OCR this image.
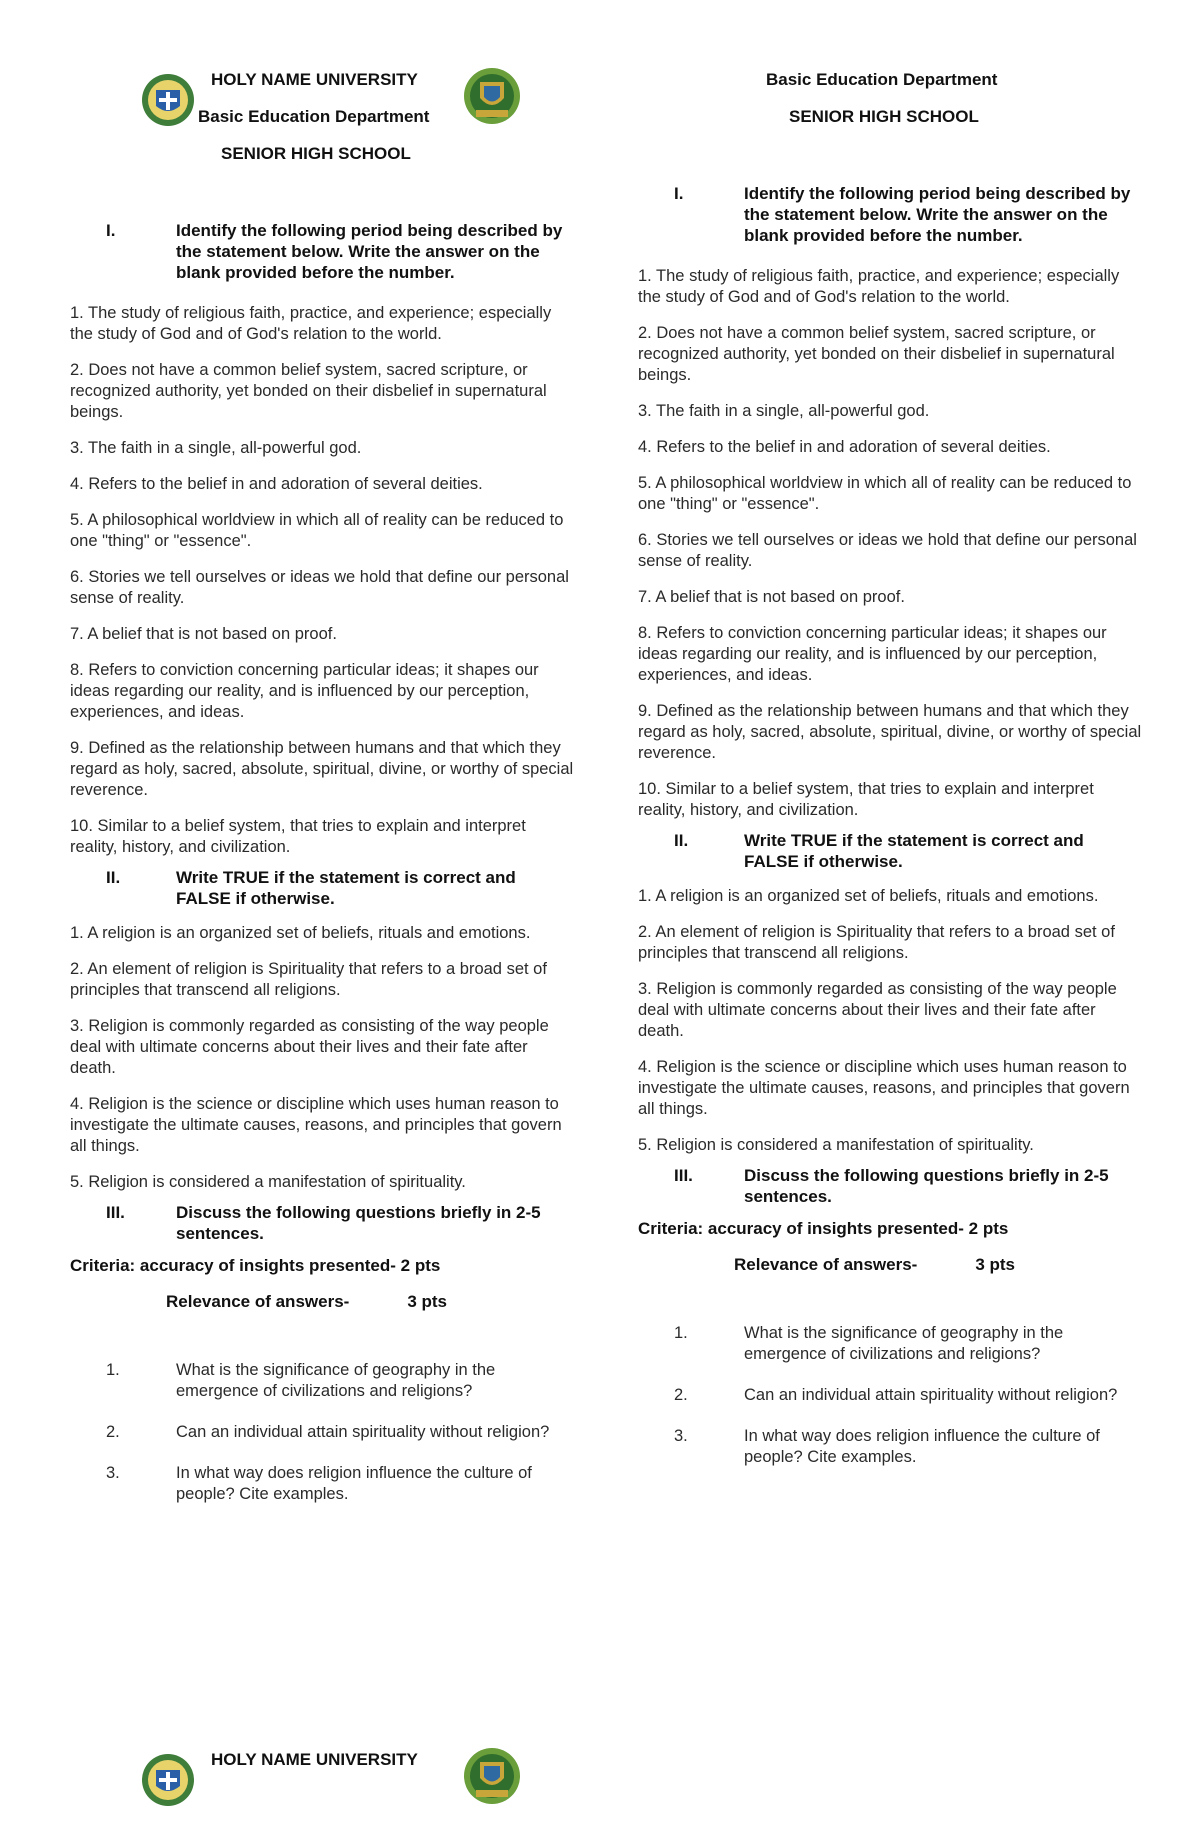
HOLY NAME UNIVERSITY
Basic Education Department
SENIOR HIGH SCHOOL
I.	Identify the following period being described by the statement below. Write the answer on the blank provided before the number.

1. The study of religious faith, practice, and experience; especially the study of God and of God's relation to the world.

2. Does not have a common belief system, sacred scripture, or recognized authority, yet bonded on their disbelief in supernatural beings.

3. The faith in a single, all-powerful god.

4. Refers to the belief in and adoration of several deities.

5. A philosophical worldview in which all of reality can be reduced to one "thing" or "essence".

6. Stories we tell ourselves or ideas we hold that define our personal sense of reality.

7. A belief that is not based on proof.

8. Refers to conviction concerning particular ideas; it shapes our ideas regarding our reality, and is influenced by our perception, experiences, and ideas.

9. Defined as the relationship between humans and that which they regard as holy, sacred, absolute, spiritual, divine, or worthy of special reverence.

10. Similar to a belief system, that tries to explain and interpret reality, history, and civilization.

II.	Write TRUE if the statement is correct and FALSE if otherwise.

1. A religion is an organized set of beliefs, rituals and emotions.

2. An element of religion is Spirituality that refers to a broad set of principles that transcend all religions.

3. Religion is commonly regarded as consisting of the way people deal with ultimate concerns about their lives and their fate after death.

4. Religion is the science or discipline which uses human reason to investigate the ultimate causes, reasons, and principles that govern all things.

5. Religion is considered a manifestation of spirituality.

III.	Discuss the following questions briefly in 2-5 sentences.

Criteria: accuracy of insights presented- 2 pts

Relevance of answers-	3 pts

1.	What is the significance of geography in the emergence of civilizations and religions?
2.	Can an individual attain spirituality without religion?
3.	In what way does religion influence the culture of people? Cite examples.
HOLY NAME UNIVERSITY
Basic Education Department
SENIOR HIGH SCHOOL
I.	Identify the following period being described by the statement below. Write the answer on the blank provided before the number.

1. The study of religious faith, practice, and experience; especially the study of God and of God's relation to the world.

2. Does not have a common belief system, sacred scripture, or recognized authority, yet bonded on their disbelief in supernatural beings.

3. The faith in a single, all-powerful god.

4. Refers to the belief in and adoration of several deities.

5. A philosophical worldview in which all of reality can be reduced to one "thing" or "essence".

6. Stories we tell ourselves or ideas we hold that define our personal sense of reality.

7. A belief that is not based on proof.

8. Refers to conviction concerning particular ideas; it shapes our ideas regarding our reality, and is influenced by our perception, experiences, and ideas.

9. Defined as the relationship between humans and that which they regard as holy, sacred, absolute, spiritual, divine, or worthy of special reverence.

10. Similar to a belief system, that tries to explain and interpret reality, history, and civilization.

II.	Write TRUE if the statement is correct and FALSE if otherwise.

1. A religion is an organized set of beliefs, rituals and emotions.

2. An element of religion is Spirituality that refers to a broad set of principles that transcend all religions.

3. Religion is commonly regarded as consisting of the way people deal with ultimate concerns about their lives and their fate after death.

4. Religion is the science or discipline which uses human reason to investigate the ultimate causes, reasons, and principles that govern all things.

5. Religion is considered a manifestation of spirituality.

III.	Discuss the following questions briefly in 2-5 sentences.

Criteria: accuracy of insights presented- 2 pts

Relevance of answers-	3 pts

1.	What is the significance of geography in the emergence of civilizations and religions?
2.	Can an individual attain spirituality without religion?
3.	In what way does religion influence the culture of people? Cite examples.
